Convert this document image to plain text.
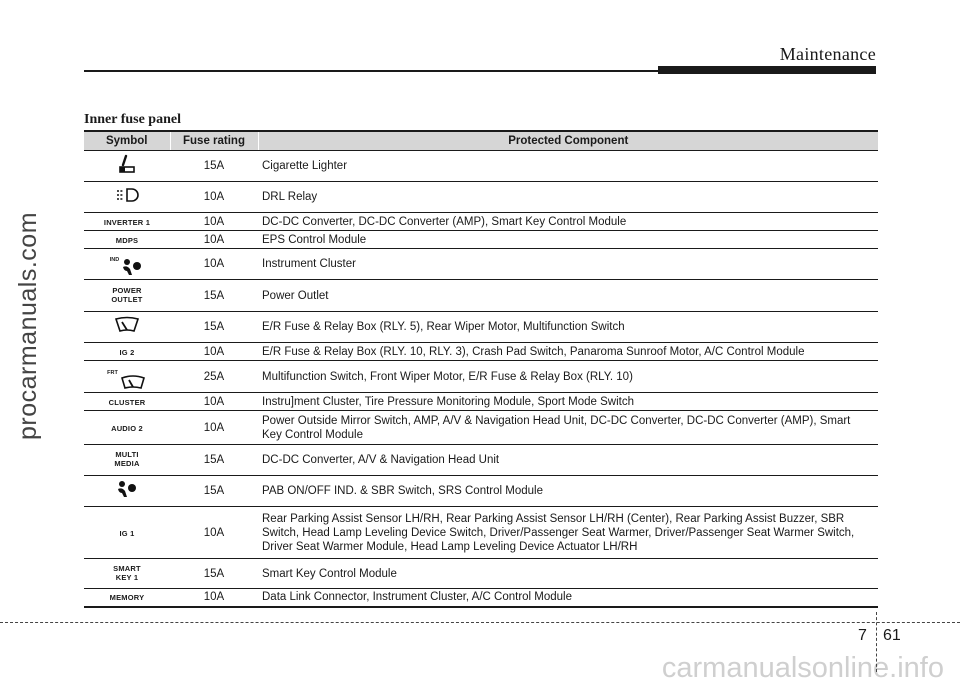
Maintenance
Inner fuse panel
Symbol	Fuse rating	Protected Component

	15A	Cigarette Lighter

	10A	DRL Relay
INVERTER 1	10A	DC-DC Converter, DC-DC Converter (AMP), Smart Key Control Module
MDPS	10A	EPS Control Module

IND	10A	Instrument Cluster
POWER
OUTLET	15A	Power Outlet

	15A	E/R Fuse & Relay Box (RLY. 5), Rear Wiper Motor, Multifunction Switch
IG 2	10A	E/R Fuse & Relay Box (RLY. 10, RLY. 3), Crash Pad Switch, Panaroma Sunroof Motor, A/C Control Module

FRT	25A	Multifunction Switch, Front Wiper Motor, E/R Fuse & Relay Box (RLY. 10)
CLUSTER	10A	Instru]ment Cluster, Tire Pressure Monitoring Module, Sport Mode Switch
AUDIO 2	10A	Power Outside Mirror Switch, AMP, A/V & Navigation Head Unit, DC-DC Converter, DC-DC Converter (AMP), Smart Key Control Module
MULTI
MEDIA	15A	DC-DC Converter, A/V & Navigation Head Unit

	15A	PAB ON/OFF IND. & SBR Switch, SRS Control Module
IG 1	10A	Rear Parking Assist Sensor LH/RH, Rear Parking Assist Sensor LH/RH (Center), Rear Parking Assist Buzzer, SBR Switch, Head Lamp Leveling Device Switch, Driver/Passenger Seat Warmer, Driver/Passenger Seat Warmer Switch, Driver Seat Warmer Module, Head Lamp Leveling Device Actuator LH/RH
SMART
KEY 1	15A	Smart Key Control Module
MEMORY	10A	Data Link Connector, Instrument Cluster, A/C Control Module
procarmanuals.com
carmanualsonline.info
7 61
